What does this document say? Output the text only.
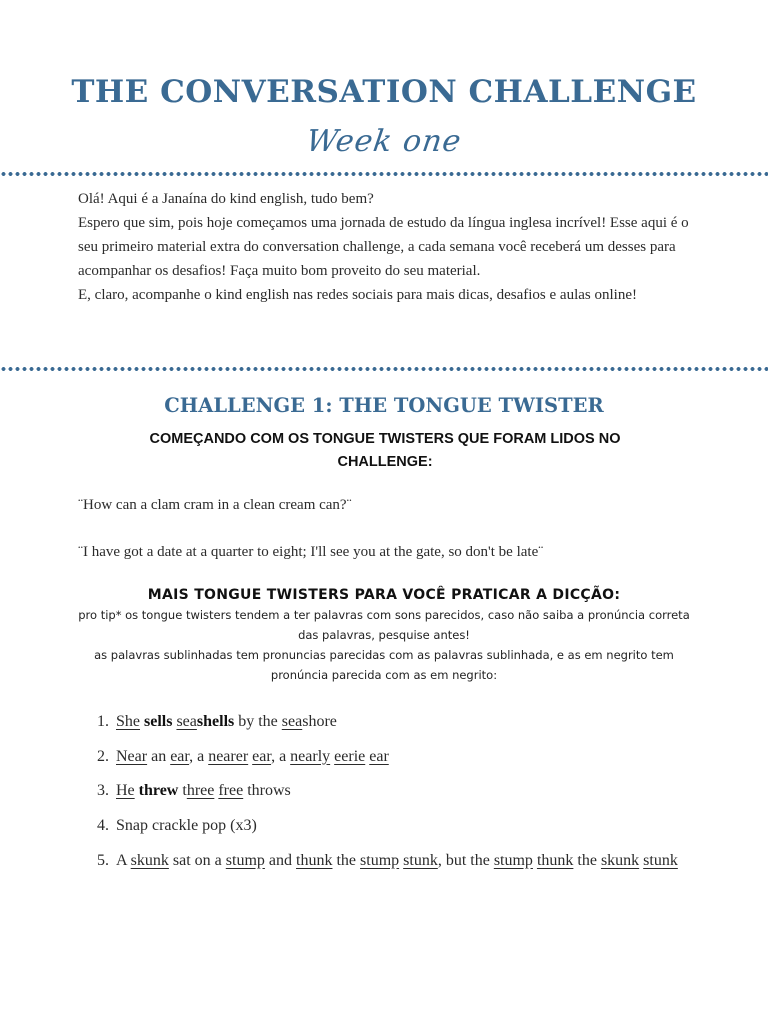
THE CONVERSATION CHALLENGE
Week one

Olá! Aqui é a Janaína do kind english, tudo bem?

Espero que sim, pois hoje começamos uma jornada de estudo da língua inglesa incrível! Esse aqui é o seu primeiro material extra do conversation challenge, a cada semana você receberá um desses para acompanhar os desafios! Faça muito bom proveito do seu material.

E, claro, acompanhe o kind english nas redes sociais para mais dicas, desafios e aulas online!

CHALLENGE 1: THE TONGUE TWISTER
COMEÇANDO COM OS TONGUE TWISTERS QUE FORAM LIDOS NO CHALLENGE:
¨How can a clam cram in a clean cream can?¨
¨I have got a date at a quarter to eight; I'll see you at the gate, so don't be late¨
MAIS TONGUE TWISTERS PARA VOCÊ PRATICAR A DICÇÃO:
pro tip* os tongue twisters tendem a ter palavras com sons parecidos, caso não saiba a pronúncia correta das palavras, pesquise antes!
as palavras sublinhadas tem pronuncias parecidas com as palavras sublinhada, e as em negrito tem pronúncia parecida com as em negrito:
1. She sells seashells by the seashore
2. Near an ear, a nearer ear, a nearly eerie ear
3. He threw three free throws
4. Snap crackle pop (x3)
5. A skunk sat on a stump and thunk the stump stunk, but the stump thunk the skunk stunk
